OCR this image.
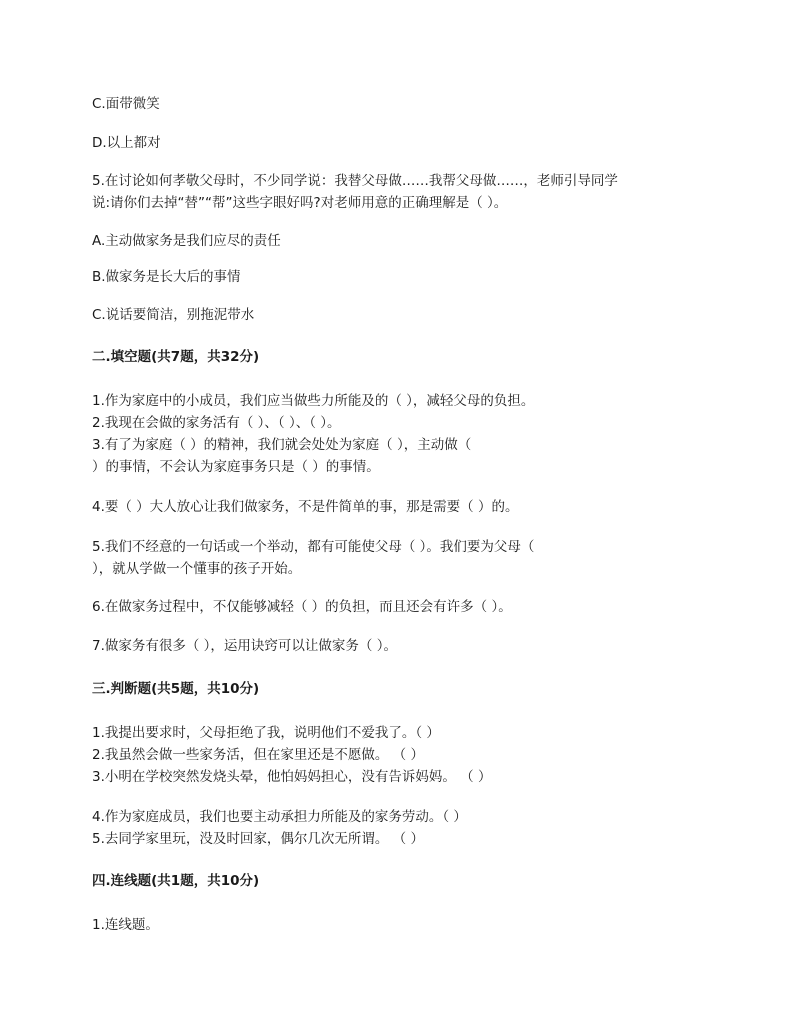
C.面带微笑
D.以上都对
5.在讨论如何孝敬父母时，不少同学说：我替父母做……我帮父母做……，老师引导同学
说:请你们去掉“替”“帮”这些字眼好吗?对老师用意的正确理解是（ ）。
A.主动做家务是我们应尽的责任
B.做家务是长大后的事情
C.说话要简洁，别拖泥带水
二.填空题(共7题，共32分)
1.作为家庭中的小成员，我们应当做些力所能及的（ ），减轻父母的负担。
2.我现在会做的家务活有（ ）、（ ）、（ ）。
3.有了为家庭（ ）的精神，我们就会处处为家庭（ ），主动做（
）的事情，不会认为家庭事务只是（ ）的事情。
4.要（ ）大人放心让我们做家务，不是件简单的事，那是需要（ ）的。
5.我们不经意的一句话或一个举动，都有可能使父母（ ）。我们要为父母（
），就从学做一个懂事的孩子开始。
6.在做家务过程中，不仅能够减轻（ ）的负担，而且还会有许多（ ）。
7.做家务有很多（ ），运用诀窍可以让做家务（ ）。
三.判断题(共5题，共10分)
1.我提出要求时，父母拒绝了我，说明他们不爱我了。（ ）
2.我虽然会做一些家务活，但在家里还是不愿做。 （ ）
3.小明在学校突然发烧头晕，他怕妈妈担心，没有告诉妈妈。 （ ）
4.作为家庭成员，我们也要主动承担力所能及的家务劳动。（ ）
5.去同学家里玩，没及时回家，偶尔几次无所谓。 （ ）
四.连线题(共1题，共10分)
1.连线题。
